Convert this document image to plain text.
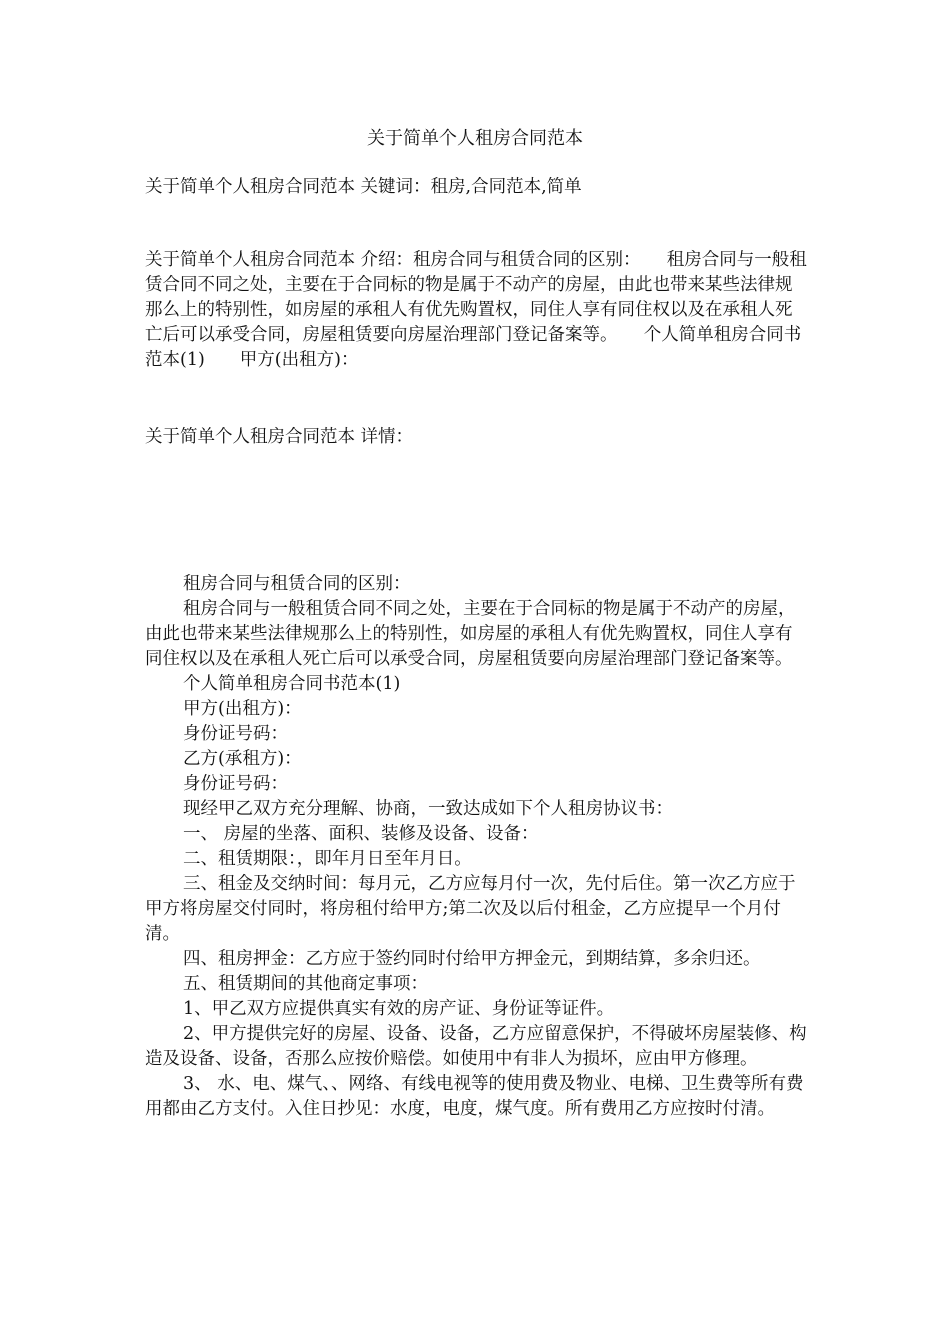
关于简单个人租房合同范本
关于简单个人租房合同范本 关键词：租房,合同范本,简单
关于简单个人租房合同范本 介绍：租房合同与租赁合同的区别：　　租房合同与一般租赁合同不同之处，主要在于合同标的物是属于不动产的房屋，由此也带来某些法律规那么上的特别性，如房屋的承租人有优先购置权，同住人享有同住权以及在承租人死亡后可以承受合同，房屋租赁要向房屋治理部门登记备案等。　　个人简单租房合同书范本(1)　　甲方(出租方)：
关于简单个人租房合同范本 详情：

租房合同与租赁合同的区别：

租房合同与一般租赁合同不同之处，主要在于合同标的物是属于不动产的房屋，由此也带来某些法律规那么上的特别性，如房屋的承租人有优先购置权，同住人享有同住权以及在承租人死亡后可以承受合同，房屋租赁要向房屋治理部门登记备案等。

个人简单租房合同书范本(1)

甲方(出租方)：

身份证号码：

乙方(承租方)：

身份证号码：

现经甲乙双方充分理解、协商，一致达成如下个人租房协议书：

一、 房屋的坐落、面积、装修及设备、设备：

二、租赁期限：，即年月日至年月日。

三、租金及交纳时间：每月元，乙方应每月付一次，先付后住。第一次乙方应于甲方将房屋交付同时，将房租付给甲方;第二次及以后付租金，乙方应提早一个月付清。

四、租房押金：乙方应于签约同时付给甲方押金元，到期结算，多余归还。

五、租赁期间的其他商定事项：

1、甲乙双方应提供真实有效的房产证、身份证等证件。

2、甲方提供完好的房屋、设备、设备，乙方应留意保护，不得破坏房屋装修、构造及设备、设备，否那么应按价赔偿。如使用中有非人为损坏，应由甲方修理。

3、 水、电、煤气、、网络、有线电视等的使用费及物业、电梯、卫生费等所有费用都由乙方支付。入住日抄见：水度，电度，煤气度。所有费用乙方应按时付清。
